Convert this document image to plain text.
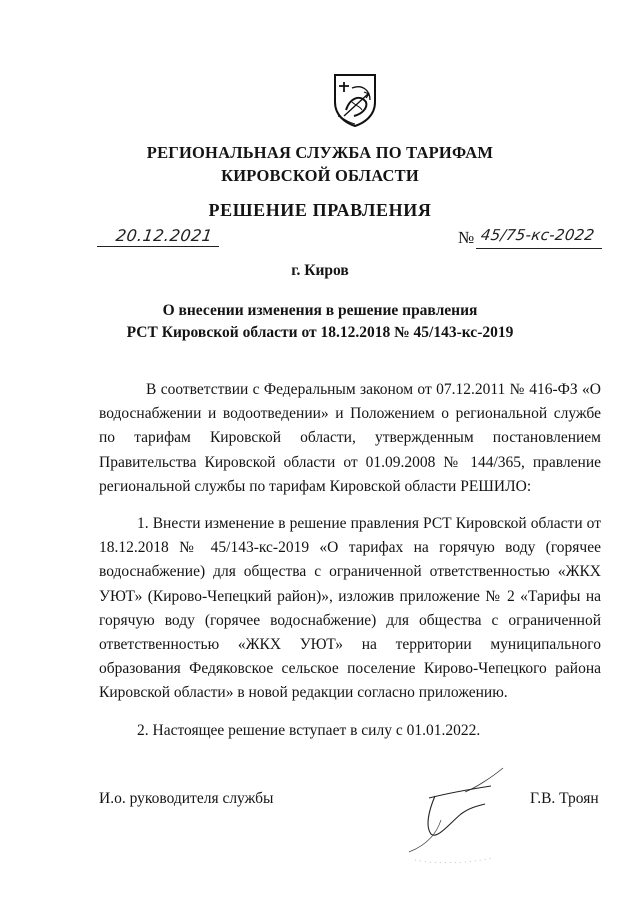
РЕГИОНАЛЬНАЯ СЛУЖБА ПО ТАРИФАМ
КИРОВСКОЙ ОБЛАСТИ
РЕШЕНИЕ ПРАВЛЕНИЯ
20.12.2021	№ 45/75-кс-2022
г. Киров
О внесении изменения в решение правления
РСТ Кировской области от 18.12.2018 № 45/143-кс-2019
В соответствии с Федеральным законом от 07.12.2011 № 416-ФЗ «О водоснабжении и водоотведении» и Положением о региональной службе по тарифам Кировской области, утвержденным постановлением Правительства Кировской области от 01.09.2008 № 144/365, правление региональной службы по тарифам Кировской области РЕШИЛО:
1. Внести изменение в решение правления РСТ Кировской области от 18.12.2018 № 45/143-кс-2019 «О тарифах на горячую воду (горячее водоснабжение) для общества с ограниченной ответственностью «ЖКХ УЮТ» (Кирово-Чепецкий район)», изложив приложение № 2 «Тарифы на горячую воду (горячее водоснабжение) для общества с ограниченной ответственностью «ЖКХ УЮТ» на территории муниципального образования Федяковское сельское поселение Кирово-Чепецкого района Кировской области» в новой редакции согласно приложению.
2. Настоящее решение вступает в силу с 01.01.2022.
И.о. руководителя службы	Г.В. Троян
